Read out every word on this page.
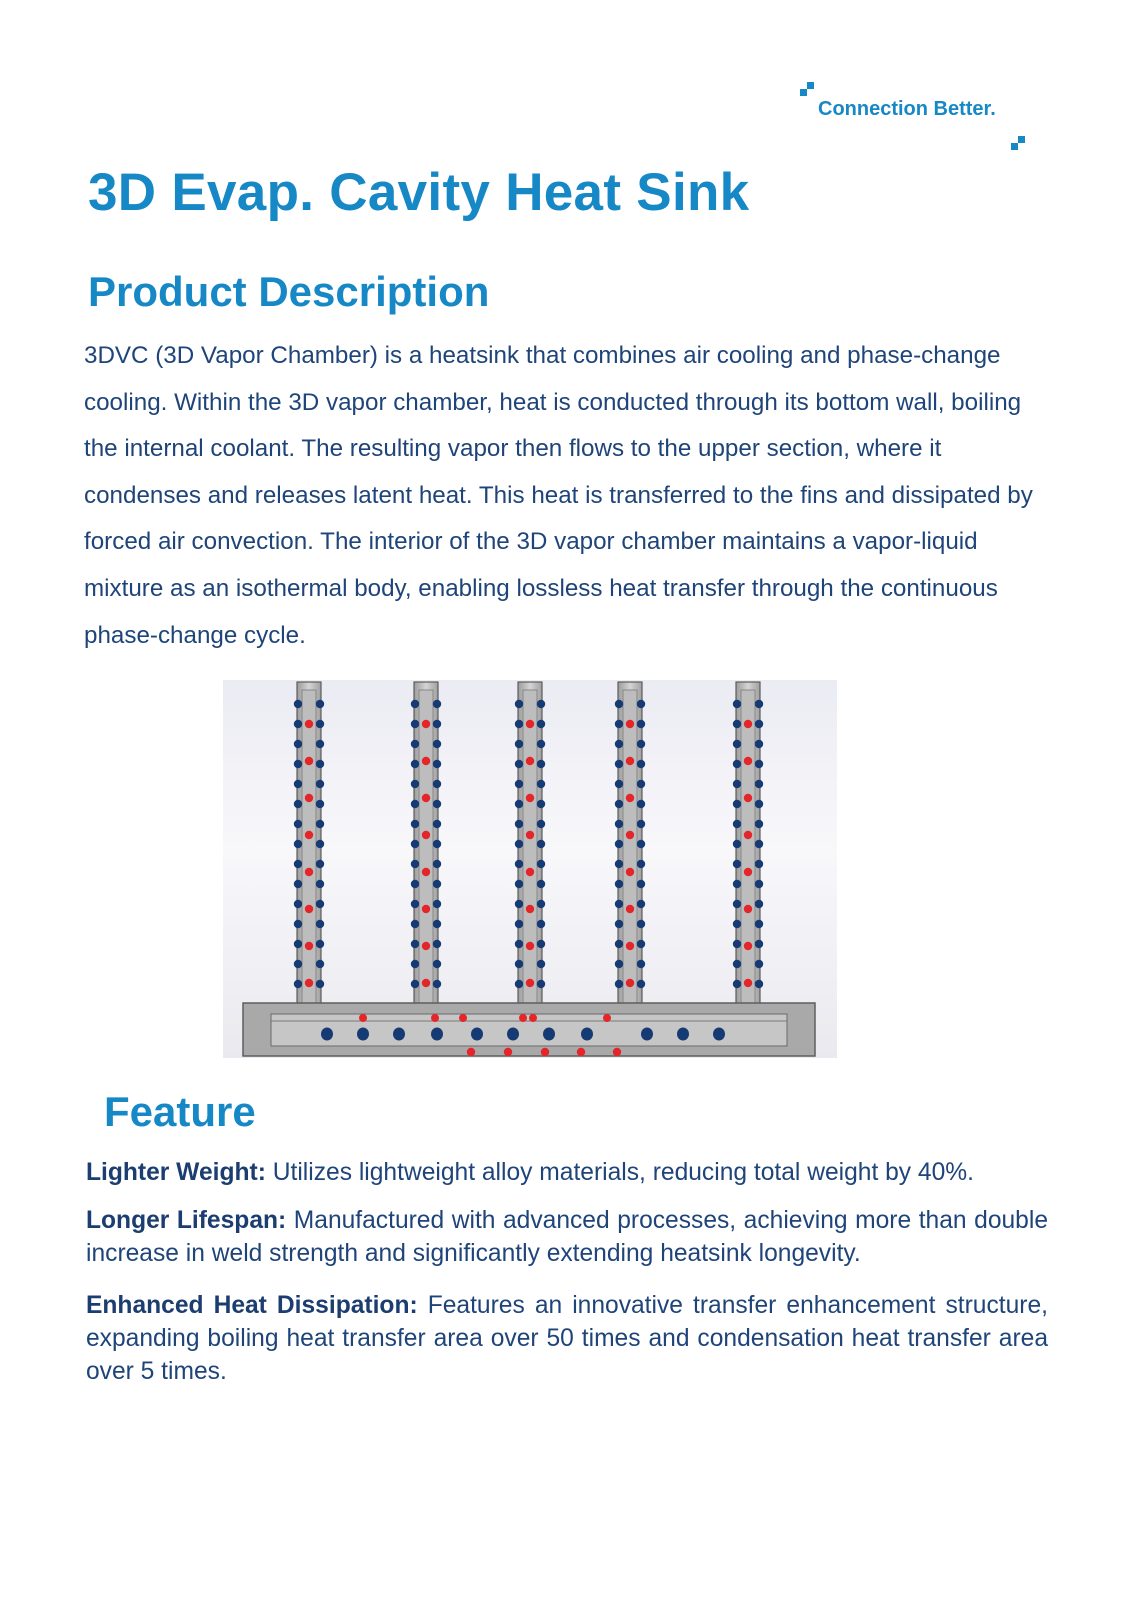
Connection Better.
3D Evap. Cavity Heat Sink
Product Description
3DVC (3D Vapor Chamber) is a heatsink that combines air cooling and phase-change cooling. Within the 3D vapor chamber, heat is conducted through its bottom wall, boiling the internal coolant. The resulting vapor then flows to the upper section, where it condenses and releases latent heat. This heat is transferred to the fins and dissipated by forced air convection. The interior of the 3D vapor chamber maintains a vapor-liquid mixture as an isothermal body, enabling lossless heat transfer through the continuous phase-change cycle.
Feature

Lighter Weight: Utilizes lightweight alloy materials, reducing total weight by 40%.

Longer Lifespan: Manufactured with advanced processes, achieving more than double increase in weld strength and significantly extending heatsink longevity.

Enhanced Heat Dissipation: Features an innovative transfer enhancement structure, expanding boiling heat transfer area over 50 times and condensation heat transfer area over 5 times.
